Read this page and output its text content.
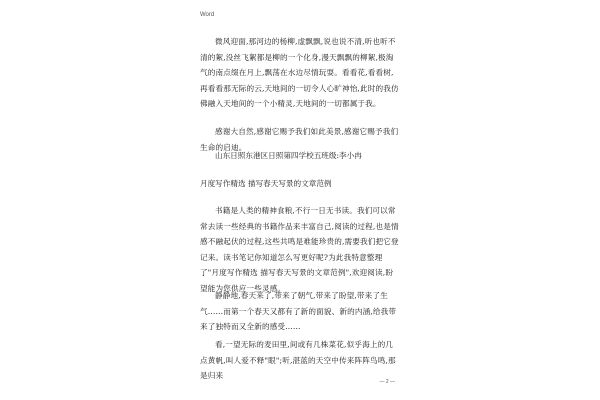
Word
微风迎面,那河边的杨柳,虚飘飘,说也说不清,听也听不清的絮,没丝飞絮都是柳的一个化身,漫天飘飘的柳絮,极淘气的南点缀在月上,飘荡在水边尽情玩耍。看看花,看看树,再看看那无际的云,天地间的一切令人心旷神怡,此时的我仿佛融入天地间的一个小精灵,天地间的一切都属于我。
感谢大自然,感谢它赐予我们如此美景,感谢它赐予我们生命的启迪。
山东日照东港区日照第四学校五班级:李小冉
月度写作精选 描写春天写景的文章范例
书籍是人类的精神食粮,不行一日无书读。我们可以常常去读一些经典的书籍作品来丰富自己,阅读的过程,也是情感不融起伏的过程,这些共鸣是难能珍贵的,需要我们把它登记来。读书笔记你知道怎么写更好呢?为此我特意整理了"月度写作精选 描写春天写景的文章范例",欢迎阅读,盼望能为您供应一些灵感。
静静地,春天来了,带来了朝气,带来了盼望,带来了生气……而第一个春天又都有了新的面貌、新的内涵,给我带来了独特而又全新的感受……
看,一望无际的麦田里,间或有几株菜花,似乎海上的几点黄帆,叫人爱不释"眼";听,湛蓝的天空中传来阵阵鸟鸣,那是归来
— 2 —
